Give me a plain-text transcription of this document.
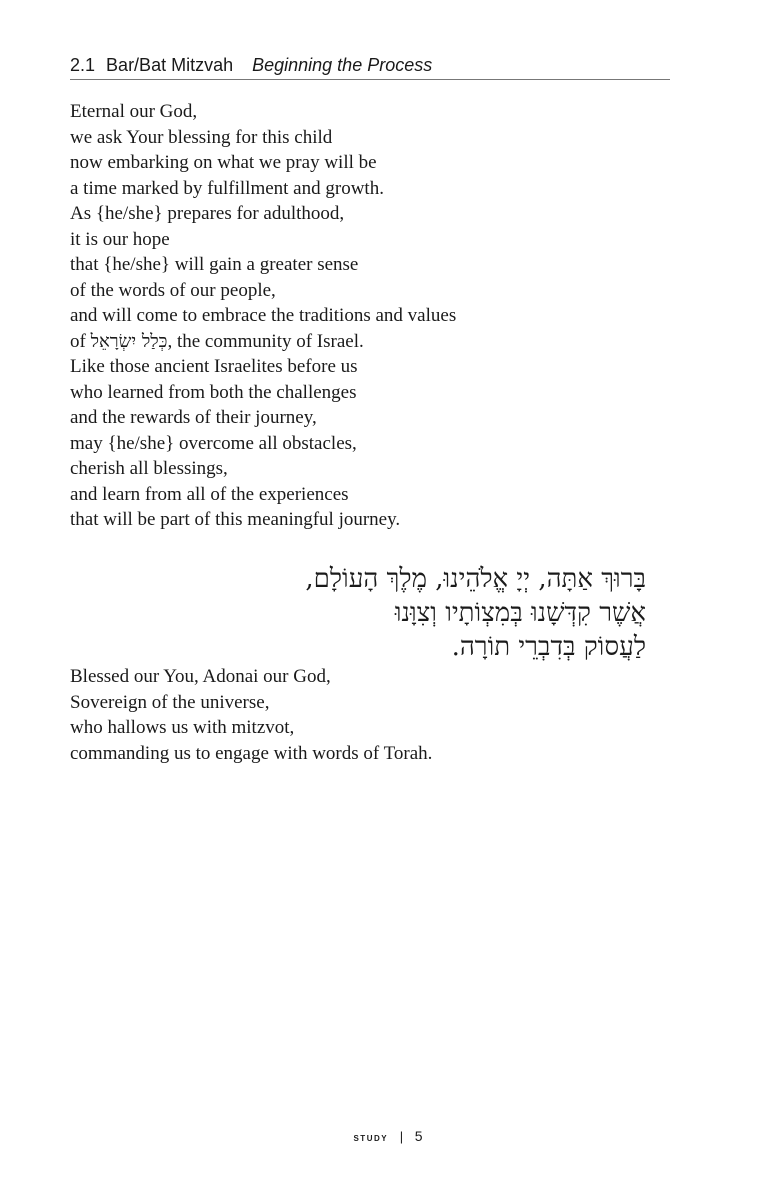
2.1 Bar/Bat Mitzvah Beginning the Process
Eternal our God,
we ask Your blessing for this child
now embarking on what we pray will be
a time marked by fulfillment and growth.
As {he/she} prepares for adulthood,
it is our hope
that {he/she} will gain a greater sense
of the words of our people,
and will come to embrace the traditions and values
of כְּלַל יִשְׂרָאֵל, the community of Israel.
Like those ancient Israelites before us
who learned from both the challenges
and the rewards of their journey,
may {he/she} overcome all obstacles,
cherish all blessings,
and learn from all of the experiences
that will be part of this meaningful journey.
בָּרוּךְ אַתָּה, יְיָ אֱלֹהֵינוּ, מֶלֶךְ הָעוֹלָם,
אֲשֶׁר קִדְּשָׁנוּ בְּמִצְוֹתָיו וְצִוָּנוּ
לַעֲסוֹק בְּדִבְרֵי תוֹרָה.
Blessed our You, Adonai our God,
Sovereign of the universe,
who hallows us with mitzvot,
commanding us to engage with words of Torah.
study | 5
